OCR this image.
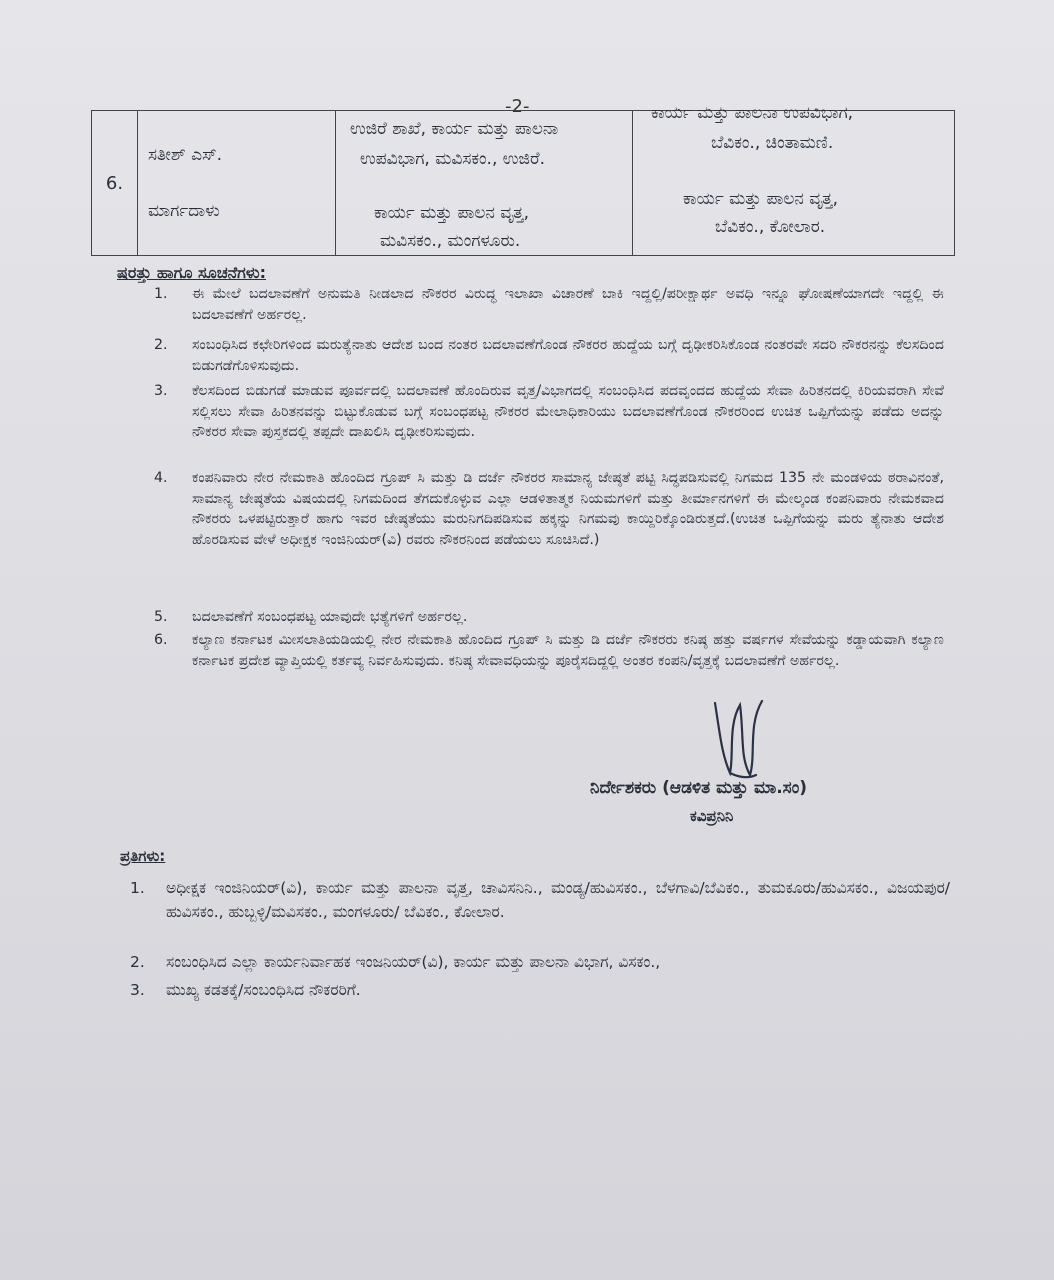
-2-
6.
ಸತೀಶ್ ಎಸ್.
ಮಾರ್ಗದಾಳು
ಉಜಿರೆ ಶಾಖೆ, ಕಾರ್ಯ ಮತ್ತು ಪಾಲನಾ
ಉಪವಿಭಾಗ, ಮವಿಸಕಂ., ಉಜಿರೆ.
ಕಾರ್ಯ ಮತ್ತು ಪಾಲನ ವೃತ್ತ,
ಮವಿಸಕಂ., ಮಂಗಳೂರು.
ಕಾರ್ಯ ಮತ್ತು ಪಾಲನಾ ಉಪವಿಭಾಗ,
ಬೆವಿಕಂ., ಚಿಂತಾಮಣಿ.
ಕಾರ್ಯ ಮತ್ತು ಪಾಲನ ವೃತ್ತ,
ಬೆವಿಕಂ., ಕೋಲಾರ.
ಷರತ್ತು ಹಾಗೂ ಸೂಚನೆಗಳು:
1. ಈ ಮೇಲೆ ಬದಲಾವಣೆಗೆ ಅನುಮತಿ ನೀಡಲಾದ ನೌಕರರ ವಿರುದ್ಧ ಇಲಾಖಾ ವಿಚಾರಣೆ ಬಾಕಿ ಇದ್ದಲ್ಲಿ/ಪರೀಕ್ಷಾರ್ಥ ಅವಧಿ ಇನ್ನೂ ಘೋಷಣೆಯಾಗದೇ ಇದ್ದಲ್ಲಿ ಈ ಬದಲಾವಣೆಗೆ ಅರ್ಹರಲ್ಲ.
2. ಸಂಬಂಧಿಸಿದ ಕಛೇರಿಗಳಿಂದ ಮರುತ್ಯೆನಾತು ಆದೇಶ ಬಂದ ನಂತರ ಬದಲಾವಣೆಗೊಂಡ ನೌಕರರ ಹುದ್ದೆಯ ಬಗ್ಗೆ ದೃಢೀಕರಿಸಿಕೊಂಡ ನಂತರವೇ ಸದರಿ ನೌಕರನನ್ನು ಕೆಲಸದಿಂದ ಬಿಡುಗಡೆಗೊಳಿಸುವುದು.
3. ಕೆಲಸದಿಂದ ಬಿಡುಗಡೆ ಮಾಡುವ ಪೂರ್ವದಲ್ಲಿ ಬದಲಾವಣೆ ಹೊಂದಿರುವ ವೃತ್ತ/ವಿಭಾಗದಲ್ಲಿ ಸಂಬಂಧಿಸಿದ ಪದವೃಂದದ ಹುದ್ದೆಯ ಸೇವಾ ಹಿರಿತನದಲ್ಲಿ ಕಿರಿಯವರಾಗಿ ಸೇವೆ ಸಲ್ಲಿಸಲು ಸೇವಾ ಹಿರಿತನವನ್ನು ಬಿಟ್ಟುಕೊಡುವ ಬಗ್ಗೆ ಸಂಬಂಧಪಟ್ಟ ನೌಕರರ ಮೇಲಾಧಿಕಾರಿಯು ಬದಲಾವಣೆಗೊಂಡ ನೌಕರರಿಂದ ಉಚಿತ ಒಪ್ಪಿಗೆಯನ್ನು ಪಡೆದು ಅದನ್ನು ನೌಕರರ ಸೇವಾ ಪುಸ್ತಕದಲ್ಲಿ ತಪ್ಪದೇ ದಾಖಲಿಸಿ ದೃಢೀಕರಿಸುವುದು.
4. ಕಂಪನಿವಾರು ನೇರ ನೇಮಕಾತಿ ಹೊಂದಿದ ಗ್ರೂಪ್ ಸಿ ಮತ್ತು ಡಿ ದರ್ಜೆ ನೌಕರರ ಸಾಮಾನ್ಯ ಜೇಷ್ಠತೆ ಪಟ್ಟಿ ಸಿದ್ಧಪಡಿಸುವಲ್ಲಿ ನಿಗಮದ 135 ನೇ ಮಂಡಳಿಯ ಠರಾವಿನಂತೆ, ಸಾಮಾನ್ಯ ಜೇಷ್ಠತೆಯ ವಿಷಯದಲ್ಲಿ ನಿಗಮದಿಂದ ತೆಗದುಕೊಳ್ಳುವ ಎಲ್ಲಾ ಆಡಳಿತಾತ್ಮಕ ನಿಯಮಗಳಿಗೆ ಮತ್ತು ತೀರ್ಮಾನಗಳಿಗೆ ಈ ಮೇಲ್ಕಂಡ ಕಂಪನಿವಾರು ನೇಮಕವಾದ ನೌಕರರು ಒಳಪಟ್ಟಿರುತ್ತಾರೆ ಹಾಗು ಇವರ ಜೇಷ್ಠತೆಯು ಮರುನಿಗದಿಪಡಿಸುವ ಹಕ್ಕನ್ನು ನಿಗಮವು ಕಾಯ್ದಿರಿಕ್ಕೊಂಡಿರುತ್ತದೆ.(ಉಚಿತ ಒಪ್ಪಿಗೆಯನ್ನು ಮರು ತ್ಯೆನಾತು ಆದೇಶ ಹೊರಡಿಸುವ ವೇಳೆ ಅಧೀಕ್ಷಕ ಇಂಜಿನಿಯರ್(ವಿ) ರವರು ನೌಕರನಿಂದ ಪಡೆಯಲು ಸೂಚಿಸಿದೆ.)
5. ಬದಲಾವಣೆಗೆ ಸಂಬಂಧಪಟ್ಟ ಯಾವುದೇ ಭತ್ಯೆಗಳಿಗೆ ಅರ್ಹರಲ್ಲ.
6. ಕಲ್ಯಾಣ ಕರ್ನಾಟಕ ಮೀಸಲಾತಿಯಡಿಯಲ್ಲಿ ನೇರ ನೇಮಕಾತಿ ಹೊಂದಿದ ಗ್ರೂಪ್ ಸಿ ಮತ್ತು ಡಿ ದರ್ಜೆ ನೌಕರರು ಕನಿಷ್ಠ ಹತ್ತು ವರ್ಷಗಳ ಸೇವೆಯನ್ನು ಕಡ್ಡಾಯವಾಗಿ ಕಲ್ಯಾಣ ಕರ್ನಾಟಕ ಪ್ರದೇಶ ವ್ಯಾಪ್ತಿಯಲ್ಲಿ ಕರ್ತವ್ಯ ನಿರ್ವಹಿಸುವುದು. ಕನಿಷ್ಠ ಸೇವಾವಧಿಯನ್ನು ಪೂರೈಸದಿದ್ದಲ್ಲಿ ಅಂತರ ಕಂಪನಿ/ವೃತ್ತಕ್ಕೆ ಬದಲಾವಣೆಗೆ ಅರ್ಹರಲ್ಲ.
ನಿರ್ದೇಶಕರು (ಆಡಳಿತ ಮತ್ತು ಮಾ.ಸಂ)
ಕವಿಪ್ರನಿನಿ
ಪ್ರತಿಗಳು:
1. ಅಧೀಕ್ಷಕ ಇಂಜಿನಿಯರ್(ವಿ), ಕಾರ್ಯ ಮತ್ತು ಪಾಲನಾ ವೃತ್ತ, ಚಾವಿಸನಿನಿ., ಮಂಡ್ಯ/ಹುವಿಸಕಂ., ಬೆಳಗಾವಿ/ಬೆವಿಕಂ., ತುಮಕೂರು/ಹುವಿಸಕಂ., ವಿಜಯಪುರ/ಹುವಿಸಕಂ., ಹುಬ್ಬಳ್ಳಿ/ಮವಿಸಕಂ., ಮಂಗಳೂರು/ ಬೆವಿಕಂ., ಕೋಲಾರ.
2. ಸಂಬಂಧಿಸಿದ ಎಲ್ಲಾ ಕಾರ್ಯನಿರ್ವಾಹಕ ಇಂಜನಿಯರ್(ವಿ), ಕಾರ್ಯ ಮತ್ತು ಪಾಲನಾ ವಿಭಾಗ, ವಿಸಕಂ.,
3. ಮುಖ್ಯ ಕಡತಕ್ಕೆ/ಸಂಬಂಧಿಸಿದ ನೌಕರರಿಗೆ.
